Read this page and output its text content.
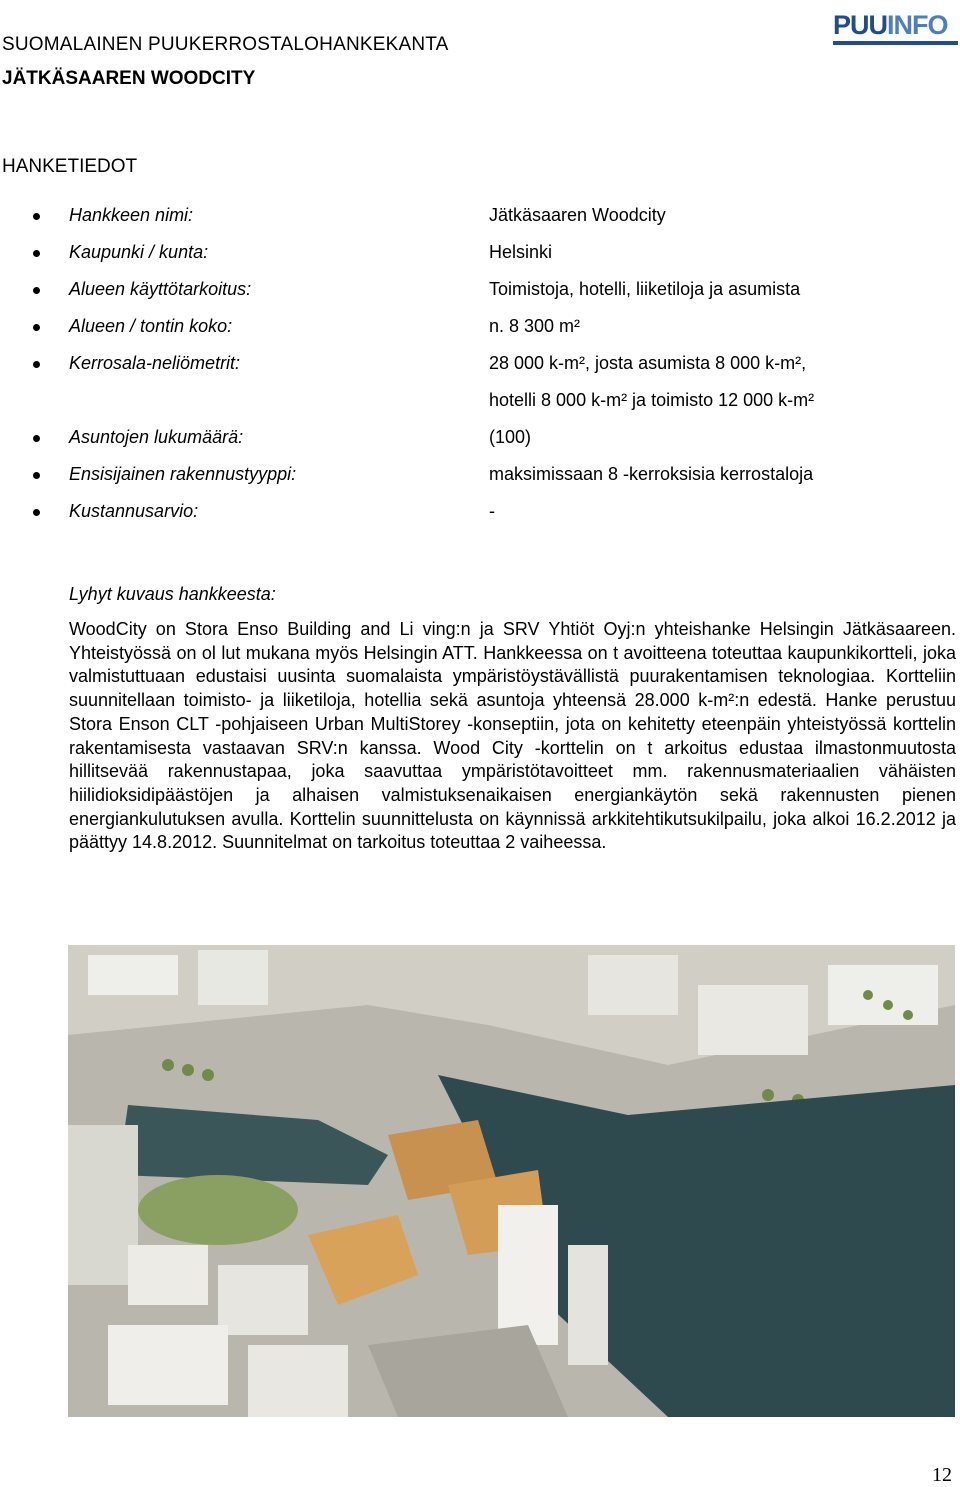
SUOMALAINEN PUUKERROSTALOHANKEKANTA
JÄTKÄSAAREN WOODCITY
PUUINFO
HANKETIEDOT
Hankkeen nimi:	Jätkäsaaren Woodcity
Kaupunki / kunta:	Helsinki
Alueen käyttötarkoitus:	Toimistoja, hotelli, liiketiloja ja asumista
Alueen / tontin koko:	n. 8 300 m²
Kerrosala-neliömetrit:	28 000 k-m², josta asumista 8 000 k-m²,
hotelli 8 000 k-m² ja toimisto 12 000 k-m²
Asuntojen lukumäärä:	(100)
Ensisijainen rakennustyyppi:	maksimissaan 8 -kerroksisia kerrostaloja
Kustannusarvio:	-
Lyhyt kuvaus hankkeesta:
WoodCity on Stora Enso Building and Li ving:n ja SRV Yhtiöt Oyj:n yhteishanke Helsingin Jätkäsaareen. Yhteistyössä on ol lut mukana myös Helsingin ATT. Hankkeessa on t avoitteena toteuttaa kaupunkikortteli, joka valmistuttuaan edustaisi uusinta suomalaista ympäristöystävällistä puurakentamisen teknologiaa. Kortteliin suunnitellaan toimisto- ja liiketiloja, hotellia sekä asuntoja yhteensä 28.000 k-m²:n edestä. Hanke perustuu Stora Enson CLT -pohjaiseen Urban MultiStorey -konseptiin, jota on kehitetty eteenpäin yhteistyössä korttelin rakentamisesta vastaavan SRV:n kanssa. Wood City -korttelin on t arkoitus edustaa ilmastonmuutosta hillitsevää rakennustapaa, joka saavuttaa ympäristötavoitteet mm. rakennusmateriaalien vähäisten hiilidioksidipäästöjen ja alhaisen valmistuksenaikaisen energiankäytön sekä rakennusten pienen energiankulutuksen avulla. Korttelin suunnittelusta on käynnissä arkkitehtikutsukilpailu, joka alkoi 16.2.2012 ja päättyy 14.8.2012. Suunnitelmat on tarkoitus toteuttaa 2 vaiheessa.
12
